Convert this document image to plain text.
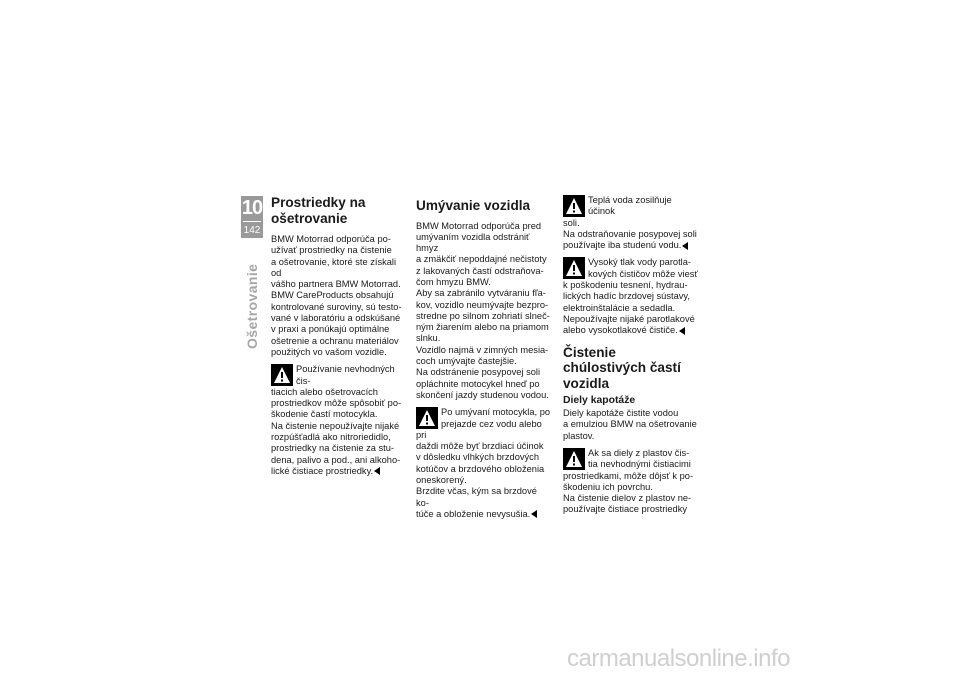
10
142
Ošetrovanie
Prostriedky na ošetrovanie

BMW Motorrad odporúča po-

užívať prostriedky na čistenie

a ošetrovanie, ktoré ste získali od

vášho partnera BMW Motorrad.

BMW CareProducts obsahujú

kontrolované suroviny, sú testo-

vané v laboratóriu a odskúšané

v praxi a ponúkajú optimálne

ošetrenie a ochranu materiálov

použitých vo vašom vozidle.

Používanie nevhodných čis-

tiacich alebo ošetrovacích

prostriedkov môže spôsobiť po-

škodenie častí motocykla.

Na čistenie nepoužívajte nijaké

rozpúšťadlá ako nitroriedidlo,

prostriedky na čistenie za stu-

dena, palivo a pod., ani alkoho-

lické čistiace prostriedky.

Umývanie vozidla

BMW Motorrad odporúča pred

umývaním vozidla odstrániť hmyz

a zmäkčiť nepoddajné nečistoty

z lakovaných častí odstraňova-

čom hmyzu BMW.

Aby sa zabránilo vytváraniu fľa-

kov, vozidlo neumývajte bezpro-

stredne po silnom zohriatí slneč-

ným žiarením alebo na priamom

slnku.

Vozidlo najmä v zimných mesia-

coch umývajte častejšie.

Na odstránenie posypovej soli

opláchnite motocykel hneď po

skončení jazdy studenou vodou.

Po umývaní motocykla, po

prejazde cez vodu alebo pri

daždi môže byť brzdiaci účinok

v dôsledku vlhkých brzdových

kotúčov a brzdového obloženia

oneskorený.

Brzdite včas, kým sa brzdové ko-

túče a obloženie nevysušia.

Teplá voda zosilňuje účinok

soli.

Na odstraňovanie posypovej soli

používajte iba studenú vodu.

Vysoký tlak vody parotla-

kových čističov môže viesť

k poškodeniu tesnení, hydrau-

lických hadíc brzdovej sústavy,

elektroinštalácie a sedadla.

Nepoužívajte nijaké parotlakové

alebo vysokotlakové čističe.

Čistenie chúlostivých častí vozidla
Diely kapotáže

Diely kapotáže čistite vodou

a emulziou BMW na ošetrovanie

plastov.

Ak sa diely z plastov čis-

tia nevhodnými čistiacimi

prostriedkami, môže dôjsť k po-

škodeniu ich povrchu.

Na čistenie dielov z plastov ne-

používajte čistiace prostriedky

carmanualsonline.info
